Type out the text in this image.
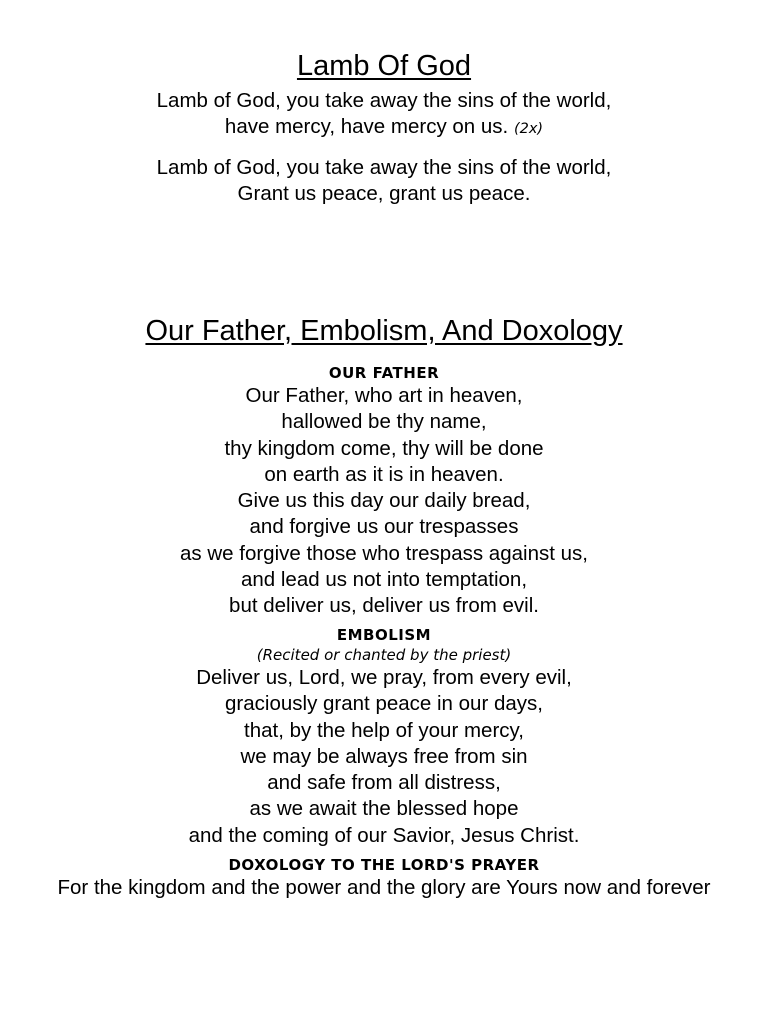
Lamb Of God
Lamb of God, you take away the sins of the world,
have mercy, have mercy on us. (2x)
Lamb of God, you take away the sins of the world,
Grant us peace, grant us peace.
Our Father, Embolism, And Doxology
OUR FATHER
Our Father, who art in heaven,
hallowed be thy name,
thy kingdom come, thy will be done
on earth as it is in heaven.
Give us this day our daily bread,
and forgive us our trespasses
as we forgive those who trespass against us,
and lead us not into temptation,
but deliver us, deliver us from evil.
EMBOLISM
(Recited or chanted by the priest)
Deliver us, Lord, we pray, from every evil,
graciously grant peace in our days,
that, by the help of your mercy,
we may be always free from sin
and safe from all distress,
as we await the blessed hope
and the coming of our Savior, Jesus Christ.
DOXOLOGY TO THE LORD'S PRAYER
For the kingdom and the power and the glory are Yours now and forever
